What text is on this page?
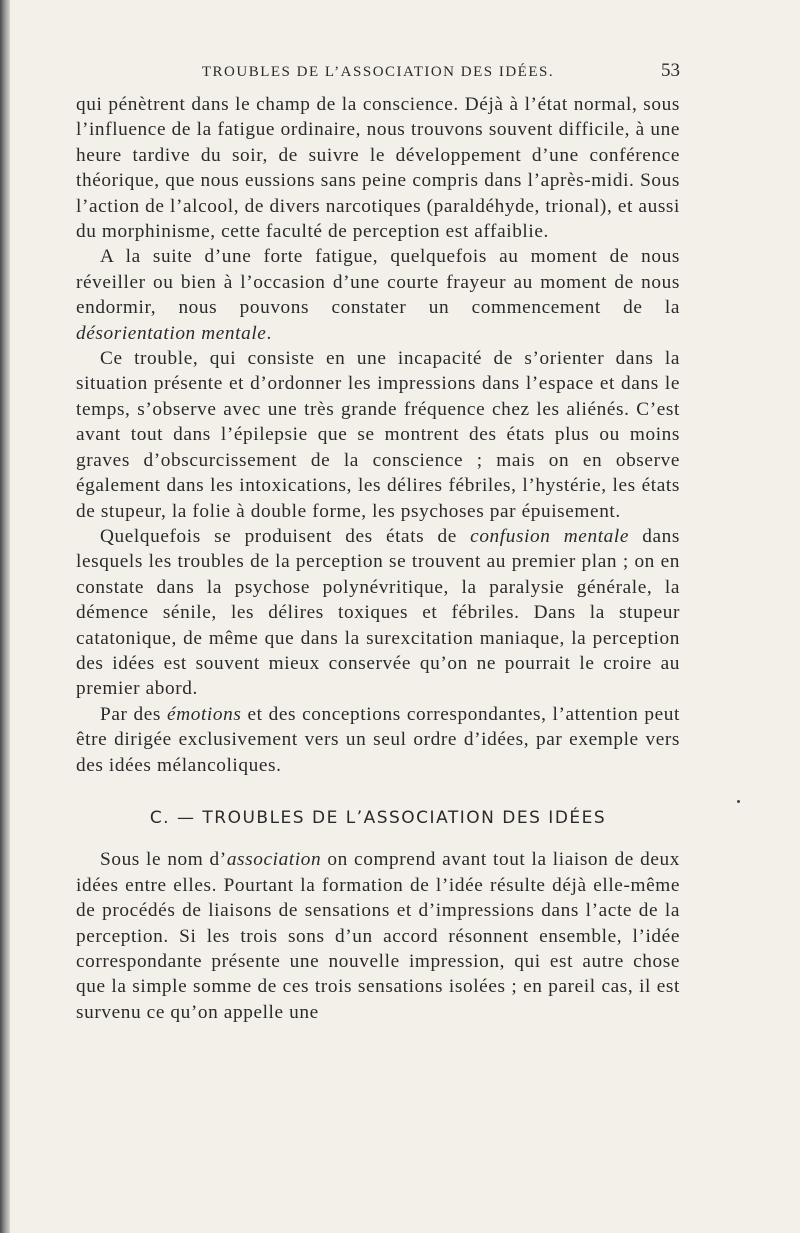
TROUBLES DE L’ASSOCIATION DES IDÉES.	53

qui pénètrent dans le champ de la conscience. Déjà à l’état normal, sous l’influence de la fatigue ordinaire, nous trouvons souvent difficile, à une heure tardive du soir, de suivre le développement d’une conférence théorique, que nous eussions sans peine compris dans l’après-midi. Sous l’action de l’alcool, de divers narcotiques (paraldéhyde, trional), et aussi du morphinisme, cette faculté de perception est affaiblie.

A la suite d’une forte fatigue, quelquefois au moment de nous réveiller ou bien à l’occasion d’une courte frayeur au moment de nous endormir, nous pouvons constater un commencement de la désorientation mentale.

Ce trouble, qui consiste en une incapacité de s’orienter dans la situation présente et d’ordonner les impressions dans l’espace et dans le temps, s’observe avec une très grande fréquence chez les aliénés. C’est avant tout dans l’épilepsie que se montrent des états plus ou moins graves d’obscurcissement de la conscience ; mais on en observe également dans les intoxications, les délires fébriles, l’hystérie, les états de stupeur, la folie à double forme, les psychoses par épuisement.

Quelquefois se produisent des états de confusion mentale dans lesquels les troubles de la perception se trouvent au premier plan ; on en constate dans la psychose polynévritique, la paralysie générale, la démence sénile, les délires toxiques et fébriles. Dans la stupeur catatonique, de même que dans la surexcitation maniaque, la perception des idées est souvent mieux conservée qu’on ne pourrait le croire au premier abord.

Par des émotions et des conceptions correspondantes, l’attention peut être dirigée exclusivement vers un seul ordre d’idées, par exemple vers des idées mélancoliques.

C. — TROUBLES DE L’ASSOCIATION DES IDÉES

Sous le nom d’association on comprend avant tout la liaison de deux idées entre elles. Pourtant la formation de l’idée résulte déjà elle-même de procédés de liaisons de sensations et d’impressions dans l’acte de la perception. Si les trois sons d’un accord résonnent ensemble, l’idée correspondante présente une nouvelle impression, qui est autre chose que la simple somme de ces trois sensations isolées ; en pareil cas, il est survenu ce qu’on appelle une
